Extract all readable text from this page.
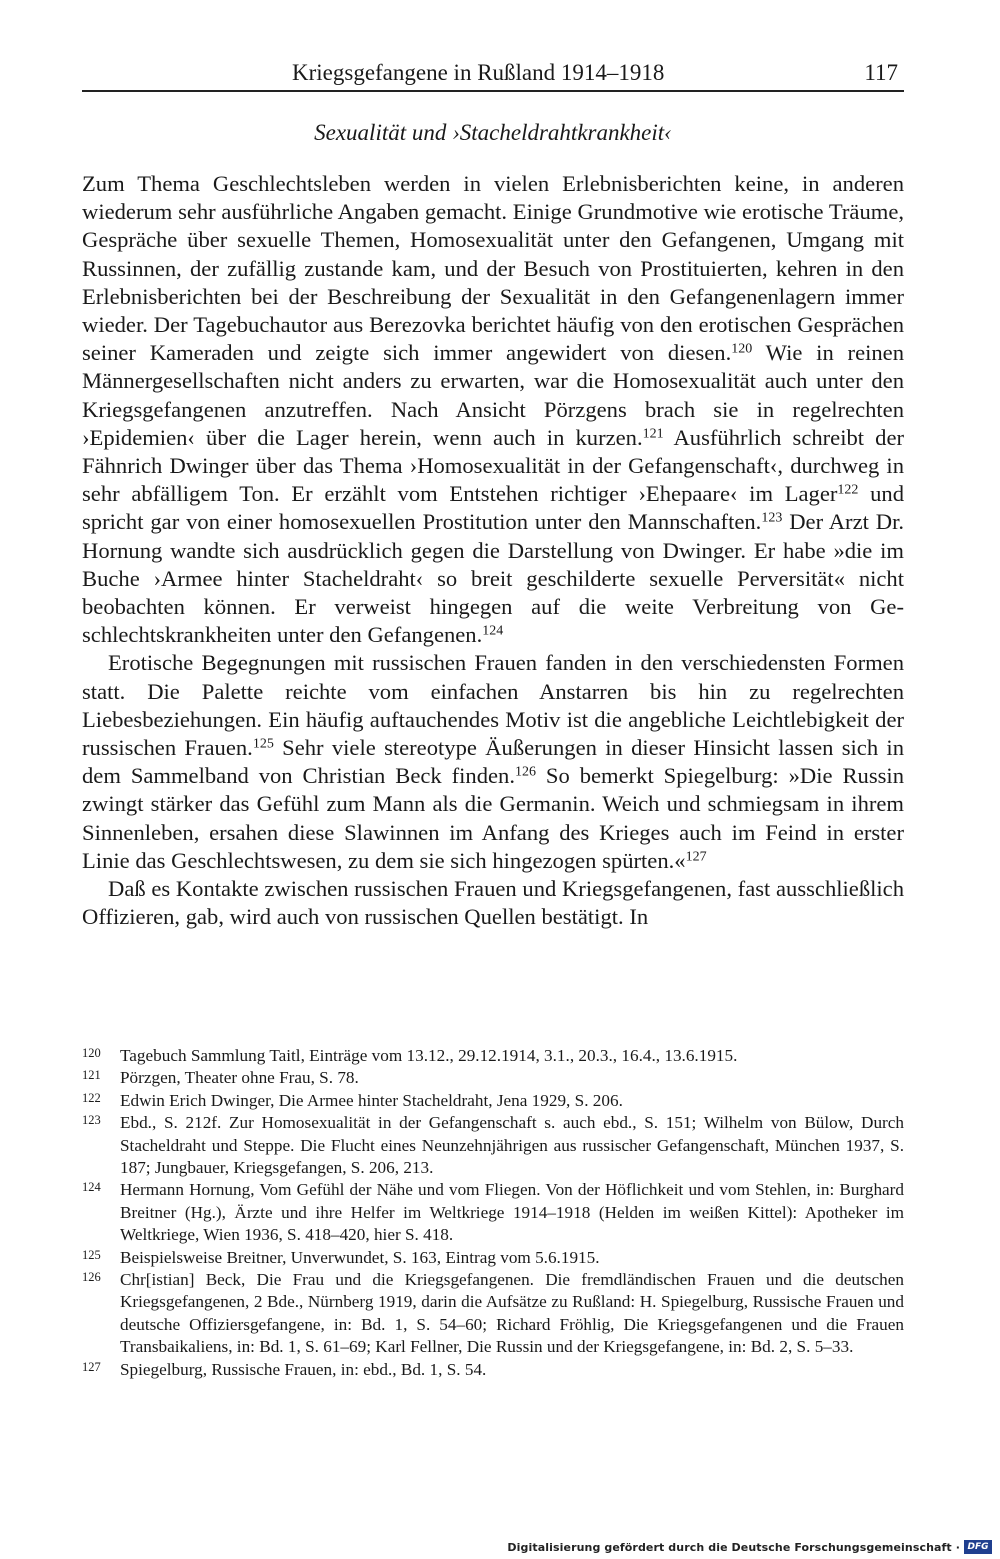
Kriegsgefangene in Rußland 1914–1918	117
Sexualität und ›Stacheldrahtkrankheit‹

Zum Thema Geschlechtsleben werden in vielen Erlebnisberichten keine, in anderen wiederum sehr ausführliche Angaben gemacht. Einige Grundmotive wie erotische Träume, Gespräche über sexuelle Themen, Homosexualität unter den Gefangenen, Umgang mit Russinnen, der zufällig zustande kam, und der Besuch von Prostituierten, kehren in den Erlebnisberichten bei der Beschreibung der Sexualität in den Gefangenenlagern immer wieder. Der Tagebuchautor aus Berezovka berichtet häufig von den erotischen Gesprächen seiner Kameraden und zeigte sich immer angewidert von diesen.$^{120}$ Wie in reinen Männergesellschaften nicht anders zu erwarten, war die Homosexualität auch unter den Kriegsgefangenen anzutreffen. Nach Ansicht Pörzgens brach sie in regelrechten ›Epidemien‹ über die Lager herein, wenn auch in kurzen.$^{121}$ Ausführlich schreibt der Fähnrich Dwinger über das Thema ›Homosexualität in der Gefangenschaft‹, durchweg in sehr abfälligem Ton. Er erzählt vom Entstehen richtiger ›Ehepaare‹ im Lager$^{122}$ und spricht gar von einer homosexuellen Prostitution unter den Mannschaften.$^{123}$ Der Arzt Dr. Hornung wandte sich ausdrücklich gegen die Darstellung von Dwinger. Er habe »die im Buche ›Armee hinter Stacheldraht‹ so breit geschilderte sexuelle Perversität« nicht beobachten können. Er verweist hingegen auf die weite Verbreitung von Geschlechtskrankheiten unter den Gefangenen.$^{124}$

Erotische Begegnungen mit russischen Frauen fanden in den verschiedensten Formen statt. Die Palette reichte vom einfachen Anstarren bis hin zu regelrechten Liebesbeziehungen. Ein häufig auftauchendes Motiv ist die angebliche Leichtlebigkeit der russischen Frauen.$^{125}$ Sehr viele stereotype Äußerungen in dieser Hinsicht lassen sich in dem Sammelband von Christian Beck finden.$^{126}$ So bemerkt Spiegelburg: »Die Russin zwingt stärker das Gefühl zum Mann als die Germanin. Weich und schmiegsam in ihrem Sinnenleben, ersahen diese Slawinnen im Anfang des Krieges auch im Feind in erster Linie das Geschlechtswesen, zu dem sie sich hingezogen spürten.«$^{127}$

Daß es Kontakte zwischen russischen Frauen und Kriegsgefangenen, fast ausschließlich Offizieren, gab, wird auch von russischen Quellen bestätigt. In

120 Tagebuch Sammlung Taitl, Einträge vom 13.12., 29.12.1914, 3.1., 20.3., 16.4., 13.6.1915.
121 Pörzgen, Theater ohne Frau, S. 78.
122 Edwin Erich Dwinger, Die Armee hinter Stacheldraht, Jena 1929, S. 206.
123 Ebd., S. 212f. Zur Homosexualität in der Gefangenschaft s. auch ebd., S. 151; Wilhelm von Bülow, Durch Stacheldraht und Steppe. Die Flucht eines Neunzehnjährigen aus russischer Gefangenschaft, München 1937, S. 187; Jungbauer, Kriegsgefangen, S. 206, 213.
124 Hermann Hornung, Vom Gefühl der Nähe und vom Fliegen. Von der Höflichkeit und vom Stehlen, in: Burghard Breitner (Hg.), Ärzte und ihre Helfer im Weltkriege 1914–1918 (Helden im weißen Kittel): Apotheker im Weltkriege, Wien 1936, S. 418–420, hier S. 418.
125 Beispielsweise Breitner, Unverwundet, S. 163, Eintrag vom 5.6.1915.
126 Chr[istian] Beck, Die Frau und die Kriegsgefangenen. Die fremdländischen Frauen und die deutschen Kriegsgefangenen, 2 Bde., Nürnberg 1919, darin die Aufsätze zu Rußland: H. Spiegelburg, Russische Frauen und deutsche Offiziersgefangene, in: Bd. 1, S. 54–60; Richard Fröhlig, Die Kriegsgefangenen und die Frauen Transbaikaliens, in: Bd. 1, S. 61–69; Karl Fellner, Die Russin und der Kriegsgefangene, in: Bd. 2, S. 5–33.
127 Spiegelburg, Russische Frauen, in: ebd., Bd. 1, S. 54.
Digitalisierung gefördert durch die Deutsche Forschungsgemeinschaft · DFG
